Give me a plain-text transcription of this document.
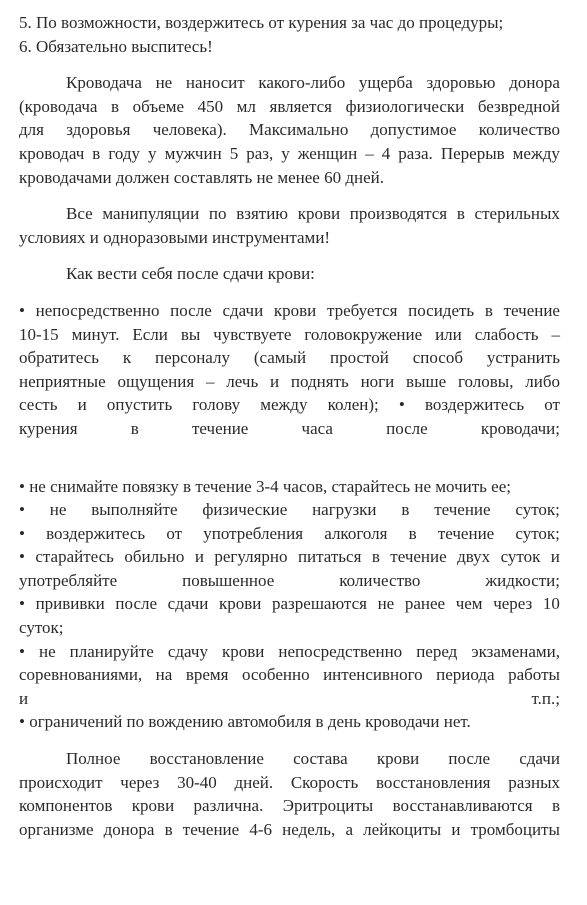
5. По возможности, воздержитесь от курения за час до процедуры;
6. Обязательно выспитесь!
Кроводача не наносит какого-либо ущерба здоровью донора
(кроводача в объеме 450 мл является физиологически безвредной
для здоровья человека). Максимально допустимое количество
кроводач в году у мужчин 5 раз, у женщин – 4 раза. Перерыв между
кроводачами должен составлять не менее 60 дней.
Все манипуляции по взятию крови производятся в стерильных
условиях и одноразовыми инструментами!
Как вести себя после сдачи крови:
• непосредственно после сдачи крови требуется посидеть в течение
10-15 минут. Если вы чувствуете головокружение или слабость –
обратитесь к персоналу (самый простой способ устранить
неприятные ощущения – лечь и поднять ноги выше головы, либо
сесть и опустить голову между колен); • воздержитесь от
курения	в	течение	часа	после	кроводачи;
• не снимайте повязку в течение 3-4 часов, старайтесь не мочить ее;
• не выполняйте физические нагрузки в течение суток;
• воздержитесь от употребления алкоголя в течение суток;
• старайтесь обильно и регулярно питаться в течение двух суток и
употребляйте	повышенное	количество	жидкости;
• прививки после сдачи крови разрешаются не ранее чем через 10
суток;
• не планируйте сдачу крови непосредственно перед экзаменами,
соревнованиями, на время особенно интенсивного периода работы
и	т.п.;
• ограничений по вождению автомобиля в день кроводачи нет.
Полное восстановление состава крови после сдачи
происходит через 30-40 дней. Скорость восстановления разных
компонентов крови различна. Эритроциты восстанавливаются в
организме донора в течение 4-6 недель, а лейкоциты и тромбоциты
